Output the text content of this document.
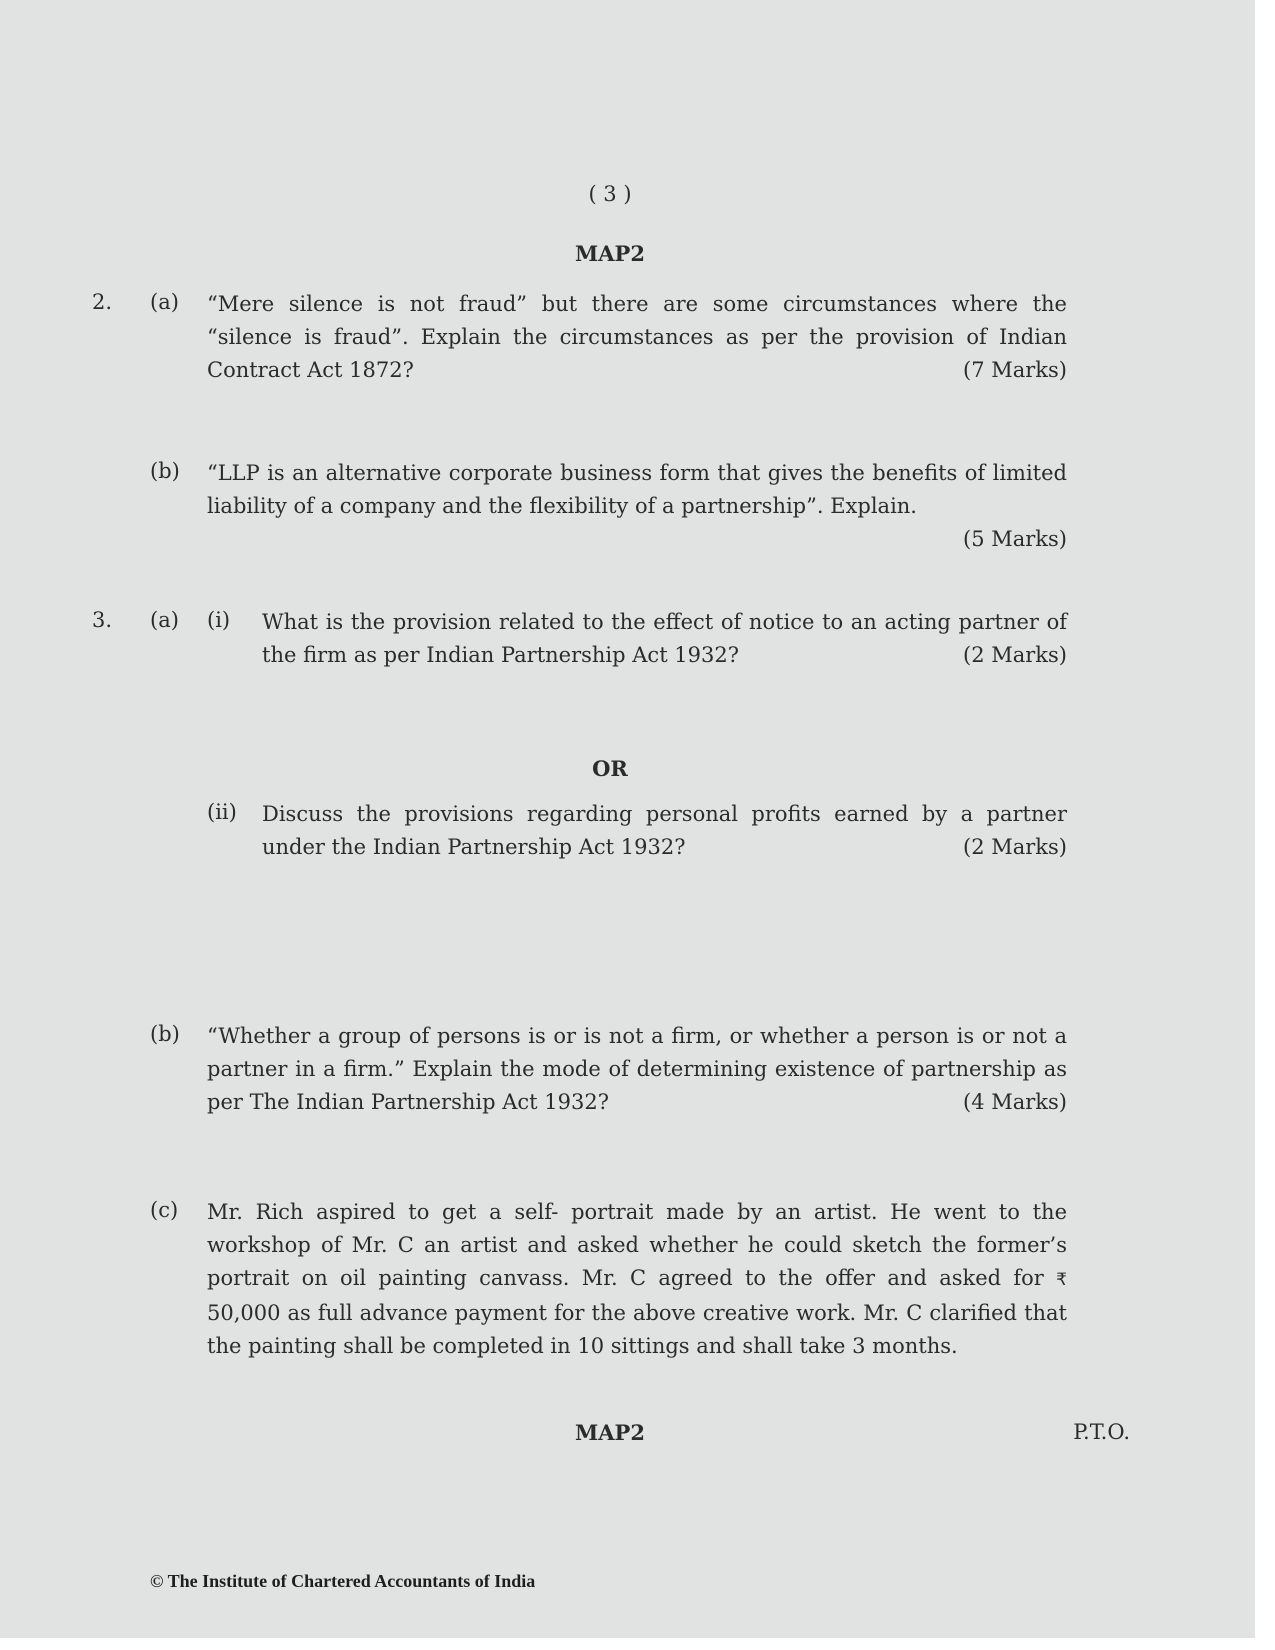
( 3 )
MAP2
2. (a) “Mere silence is not fraud” but there are some circumstances where the “silence is fraud”. Explain the circumstances as per the provision of Indian Contract Act 1872?	(7 Marks)
(b) “LLP is an alternative corporate business form that gives the benefits of limited liability of a company and the flexibility of a partnership”. Explain.
(5 Marks)
3. (a) (i) What is the provision related to the effect of notice to an acting partner of the firm as per Indian Partnership Act 1932?	(2 Marks)
OR
(ii) Discuss the provisions regarding personal profits earned by a partner under the Indian Partnership Act 1932?	(2 Marks)
(b) “Whether a group of persons is or is not a firm, or whether a person is or not a partner in a firm.” Explain the mode of determining existence of partnership as per The Indian Partnership Act 1932?	(4 Marks)
(c) Mr. Rich aspired to get a self- portrait made by an artist. He went to the workshop of Mr. C an artist and asked whether he could sketch the former’s portrait on oil painting canvass. Mr. C agreed to the offer and asked for ₹ 50,000 as full advance payment for the above creative work. Mr. C clarified that the painting shall be completed in 10 sittings and shall take 3 months.
MAP2	P.T.O.
© The Institute of Chartered Accountants of India
